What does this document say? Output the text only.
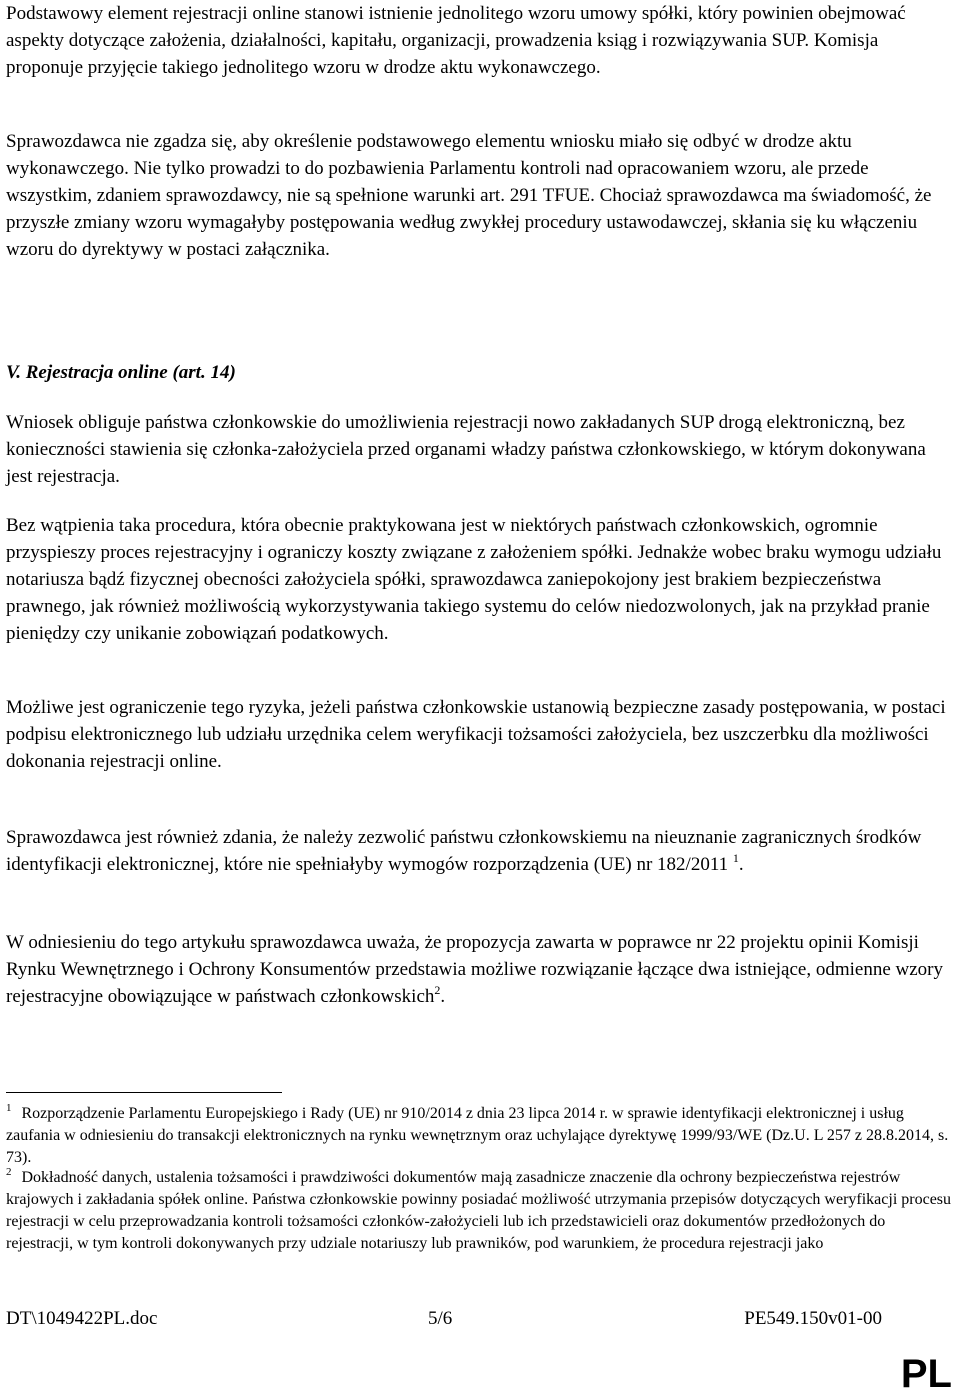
Podstawowy element rejestracji online stanowi istnienie jednolitego wzoru umowy spółki, który powinien obejmować aspekty dotyczące założenia, działalności, kapitału, organizacji, prowadzenia ksiąg i rozwiązywania SUP. Komisja proponuje przyjęcie takiego jednolitego wzoru w drodze aktu wykonawczego.

Sprawozdawca nie zgadza się, aby określenie podstawowego elementu wniosku miało się odbyć w drodze aktu wykonawczego. Nie tylko prowadzi to do pozbawienia Parlamentu kontroli nad opracowaniem wzoru, ale przede wszystkim, zdaniem sprawozdawcy, nie są spełnione warunki art. 291 TFUE. Chociaż sprawozdawca ma świadomość, że przyszłe zmiany wzoru wymagałyby postępowania według zwykłej procedury ustawodawczej, skłania się ku włączeniu wzoru do dyrektywy w postaci załącznika.

V. Rejestracja online (art. 14)

Wniosek obliguje państwa członkowskie do umożliwienia rejestracji nowo zakładanych SUP drogą elektroniczną, bez konieczności stawienia się członka-założyciela przed organami władzy państwa członkowskiego, w którym dokonywana jest rejestracja.

Bez wątpienia taka procedura, która obecnie praktykowana jest w niektórych państwach członkowskich, ogromnie przyspieszy proces rejestracyjny i ograniczy koszty związane z założeniem spółki. Jednakże wobec braku wymogu udziału notariusza bądź fizycznej obecności założyciela spółki, sprawozdawca zaniepokojony jest brakiem bezpieczeństwa prawnego, jak również możliwością wykorzystywania takiego systemu do celów niedozwolonych, jak na przykład pranie pieniędzy czy unikanie zobowiązań podatkowych.

Możliwe jest ograniczenie tego ryzyka, jeżeli państwa członkowskie ustanowią bezpieczne zasady postępowania, w postaci podpisu elektronicznego lub udziału urzędnika celem weryfikacji tożsamości założyciela, bez uszczerbku dla możliwości dokonania rejestracji online.

Sprawozdawca jest również zdania, że należy zezwolić państwu członkowskiemu na nieuznanie zagranicznych środków identyfikacji elektronicznej, które nie spełniałyby wymogów rozporządzenia (UE) nr 182/2011 $^1$.

W odniesieniu do tego artykułu sprawozdawca uważa, że propozycja zawarta w poprawce nr 22 projektu opinii Komisji Rynku Wewnętrznego i Ochrony Konsumentów przedstawia możliwe rozwiązanie łączące dwa istniejące, odmienne wzory rejestracyjne obowiązujące w państwach członkowskich$^2$.

$^1$ Rozporządzenie Parlamentu Europejskiego i Rady (UE) nr 910/2014 z dnia 23 lipca 2014 r. w sprawie identyfikacji elektronicznej i usług zaufania w odniesieniu do transakcji elektronicznych na rynku wewnętrznym oraz uchylające dyrektywę 1999/93/WE (Dz.U. L 257 z 28.8.2014, s. 73).
$^2$ Dokładność danych, ustalenia tożsamości i prawdziwości dokumentów mają zasadnicze znaczenie dla ochrony bezpieczeństwa rejestrów krajowych i zakładania spółek online. Państwa członkowskie powinny posiadać możliwość utrzymania przepisów dotyczących weryfikacji procesu rejestracji w celu przeprowadzania kontroli tożsamości członków-założycieli lub ich przedstawicieli oraz dokumentów przedłożonych do rejestracji, w tym kontroli dokonywanych przy udziale notariuszy lub prawników, pod warunkiem, że procedura rejestracji jako
DT\1049422PL.doc	5/6	PE549.150v01-00
PL
